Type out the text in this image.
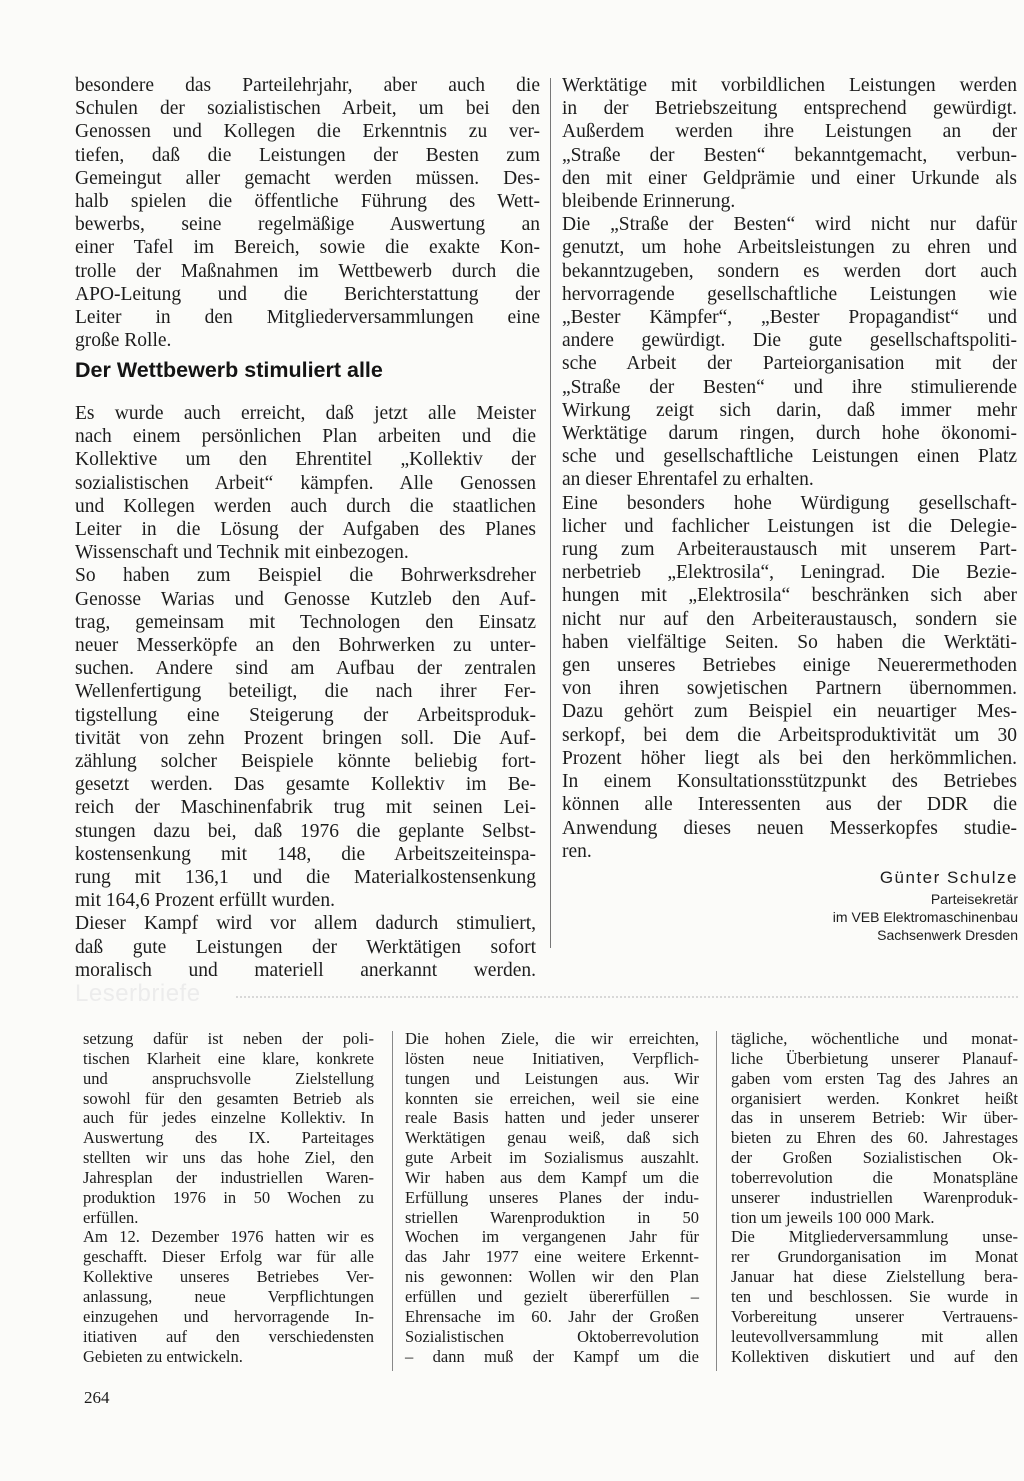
besondere das Parteilehrjahr, aber auch die
Schulen der sozialistischen Arbeit, um bei den
Genossen und Kollegen die Erkenntnis zu ver-
tiefen, daß die Leistungen der Besten zum
Gemeingut aller gemacht werden müssen. Des-
halb spielen die öffentliche Führung des Wett-
bewerbs, seine regelmäßige Auswertung an
einer Tafel im Bereich, sowie die exakte Kon-
trolle der Maßnahmen im Wettbewerb durch die
APO-Leitung und die Berichterstattung der
Leiter in den Mitgliederversammlungen eine
große Rolle.
Der Wettbewerb stimuliert alle
Es wurde auch erreicht, daß jetzt alle Meister
nach einem persönlichen Plan arbeiten und die
Kollektive um den Ehrentitel „Kollektiv der
sozialistischen Arbeit“ kämpfen. Alle Genossen
und Kollegen werden auch durch die staatlichen
Leiter in die Lösung der Aufgaben des Planes
Wissenschaft und Technik mit einbezogen.
So haben zum Beispiel die Bohrwerksdreher
Genosse Warias und Genosse Kutzleb den Auf-
trag, gemeinsam mit Technologen den Einsatz
neuer Messerköpfe an den Bohrwerken zu unter-
suchen. Andere sind am Aufbau der zentralen
Wellenfertigung beteiligt, die nach ihrer Fer-
tigstellung eine Steigerung der Arbeitsproduk-
tivität von zehn Prozent bringen soll. Die Auf-
zählung solcher Beispiele könnte beliebig fort-
gesetzt werden. Das gesamte Kollektiv im Be-
reich der Maschinenfabrik trug mit seinen Lei-
stungen dazu bei, daß 1976 die geplante Selbst-
kostensenkung mit 148, die Arbeitszeiteinspa-
rung mit 136,1 und die Materialkostensenkung
mit 164,6 Prozent erfüllt wurden.
Dieser Kampf wird vor allem dadurch stimuliert,
daß gute Leistungen der Werktätigen sofort
moralisch und materiell anerkannt werden.
Werktätige mit vorbildlichen Leistungen werden
in der Betriebszeitung entsprechend gewürdigt.
Außerdem werden ihre Leistungen an der
„Straße der Besten“ bekanntgemacht, verbun-
den mit einer Geldprämie und einer Urkunde als
bleibende Erinnerung.
Die „Straße der Besten“ wird nicht nur dafür
genutzt, um hohe Arbeitsleistungen zu ehren und
bekanntzugeben, sondern es werden dort auch
hervorragende gesellschaftliche Leistungen wie
„Bester Kämpfer“, „Bester Propagandist“ und
andere gewürdigt. Die gute gesellschaftspoliti-
sche Arbeit der Parteiorganisation mit der
„Straße der Besten“ und ihre stimulierende
Wirkung zeigt sich darin, daß immer mehr
Werktätige darum ringen, durch hohe ökonomi-
sche und gesellschaftliche Leistungen einen Platz
an dieser Ehrentafel zu erhalten.
Eine besonders hohe Würdigung gesellschaft-
licher und fachlicher Leistungen ist die Delegie-
rung zum Arbeiteraustausch mit unserem Part-
nerbetrieb „Elektrosila“, Leningrad. Die Bezie-
hungen mit „Elektrosila“ beschränken sich aber
nicht nur auf den Arbeiteraustausch, sondern sie
haben vielfältige Seiten. So haben die Werktäti-
gen unseres Betriebes einige Neuerermethoden
von ihren sowjetischen Partnern übernommen.
Dazu gehört zum Beispiel ein neuartiger Mes-
serkopf, bei dem die Arbeitsproduktivität um 30
Prozent höher liegt als bei den herkömmlichen.
In einem Konsultationsstützpunkt des Betriebes
können alle Interessenten aus der DDR die
Anwendung dieses neuen Messerkopfes studie-
ren.
Günter Schulze
Parteisekretär
im VEB Elektromaschinenbau
Sachsenwerk Dresden
Leserbriefe
setzung dafür ist neben der poli-
tischen Klarheit eine klare, konkrete
und anspruchsvolle Zielstellung
sowohl für den gesamten Betrieb als
auch für jedes einzelne Kollektiv. In
Auswertung des IX. Parteitages
stellten wir uns das hohe Ziel, den
Jahresplan der industriellen Waren-
produktion 1976 in 50 Wochen zu
erfüllen.
Am 12. Dezember 1976 hatten wir es
geschafft. Dieser Erfolg war für alle
Kollektive unseres Betriebes Ver-
anlassung, neue Verpflichtungen
einzugehen und hervorragende In-
itiativen auf den verschiedensten
Gebieten zu entwickeln.
Die hohen Ziele, die wir erreichten,
lösten neue Initiativen, Verpflich-
tungen und Leistungen aus. Wir
konnten sie erreichen, weil sie eine
reale Basis hatten und jeder unserer
Werktätigen genau weiß, daß sich
gute Arbeit im Sozialismus auszahlt.
Wir haben aus dem Kampf um die
Erfüllung unseres Planes der indu-
striellen Warenproduktion in 50
Wochen im vergangenen Jahr für
das Jahr 1977 eine weitere Erkennt-
nis gewonnen: Wollen wir den Plan
erfüllen und gezielt übererfüllen –
Ehrensache im 60. Jahr der Großen
Sozialistischen Oktoberrevolution
– dann muß der Kampf um die
tägliche, wöchentliche und monat-
liche Überbietung unserer Planauf-
gaben vom ersten Tag des Jahres an
organisiert werden. Konkret heißt
das in unserem Betrieb: Wir über-
bieten zu Ehren des 60. Jahrestages
der Großen Sozialistischen Ok-
toberrevolution die Monatspläne
unserer industriellen Warenproduk-
tion um jeweils 100 000 Mark.
Die Mitgliederversammlung unse-
rer Grundorganisation im Monat
Januar hat diese Zielstellung bera-
ten und beschlossen. Sie wurde in
Vorbereitung unserer Vertrauens-
leutevollversammlung mit allen
Kollektiven diskutiert und auf den
264
